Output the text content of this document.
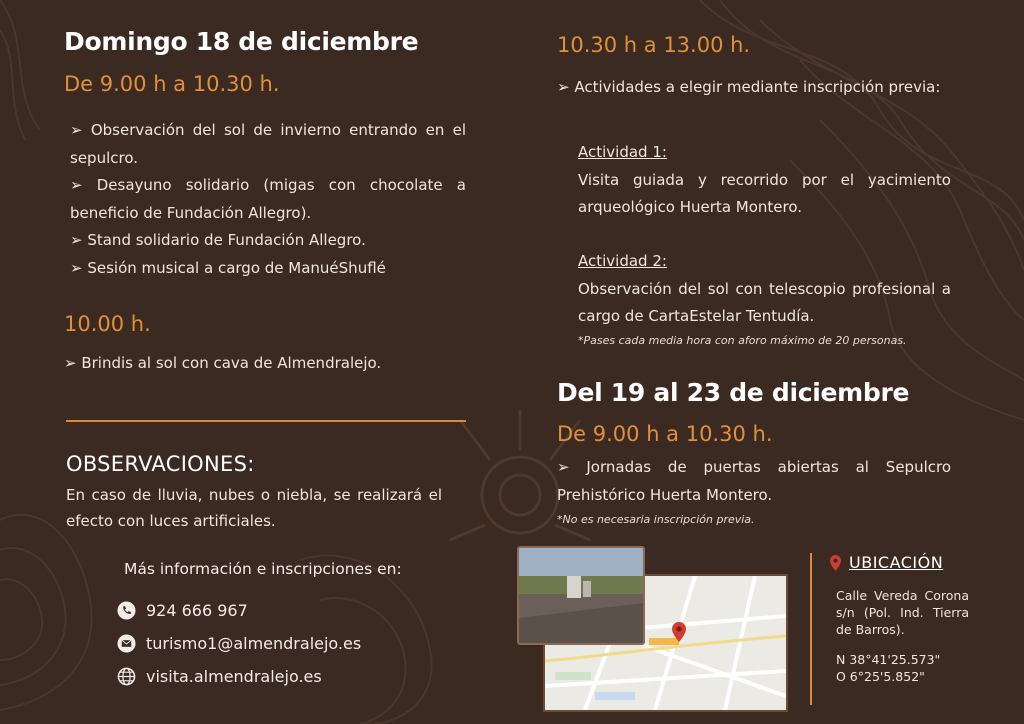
Domingo 18 de diciembre
De 9.00 h a 10.30 h.

➢ Observación del sol de invierno entrando en el sepulcro.

➢ Desayuno solidario (migas con chocolate a beneficio de Fundación Allegro).

➢ Stand solidario de Fundación Allegro.

➢ Sesión musical a cargo de ManuéShuflé

10.00 h.
➢ Brindis al sol con cava de Almendralejo.
OBSERVACIONES:
En caso de lluvia, nubes o niebla, se realizará el efecto con luces artificiales.
Más información e inscripciones en:
924 666 967
turismo1@almendralejo.es
visita.almendralejo.es
10.30 h a 13.00 h.
➢ Actividades a elegir mediante inscripción previa:

Actividad 1:

Visita guiada y recorrido por el yacimiento arqueológico Huerta Montero.

Actividad 2:

Observación del sol con telescopio profesional a cargo de CartaEstelar Tentudía.

*Pases cada media hora con aforo máximo de 20 personas.
Del 19 al 23 de diciembre
De 9.00 h a 10.30 h.
➢ Jornadas de puertas abiertas al Sepulcro Prehistórico Huerta Montero.
*No es necesaria inscripción previa.
UBICACIÓN
Calle Vereda Corona s/n (Pol. Ind. Tierra de Barros).
N 38°41'25.573"
O 6°25'5.852"
